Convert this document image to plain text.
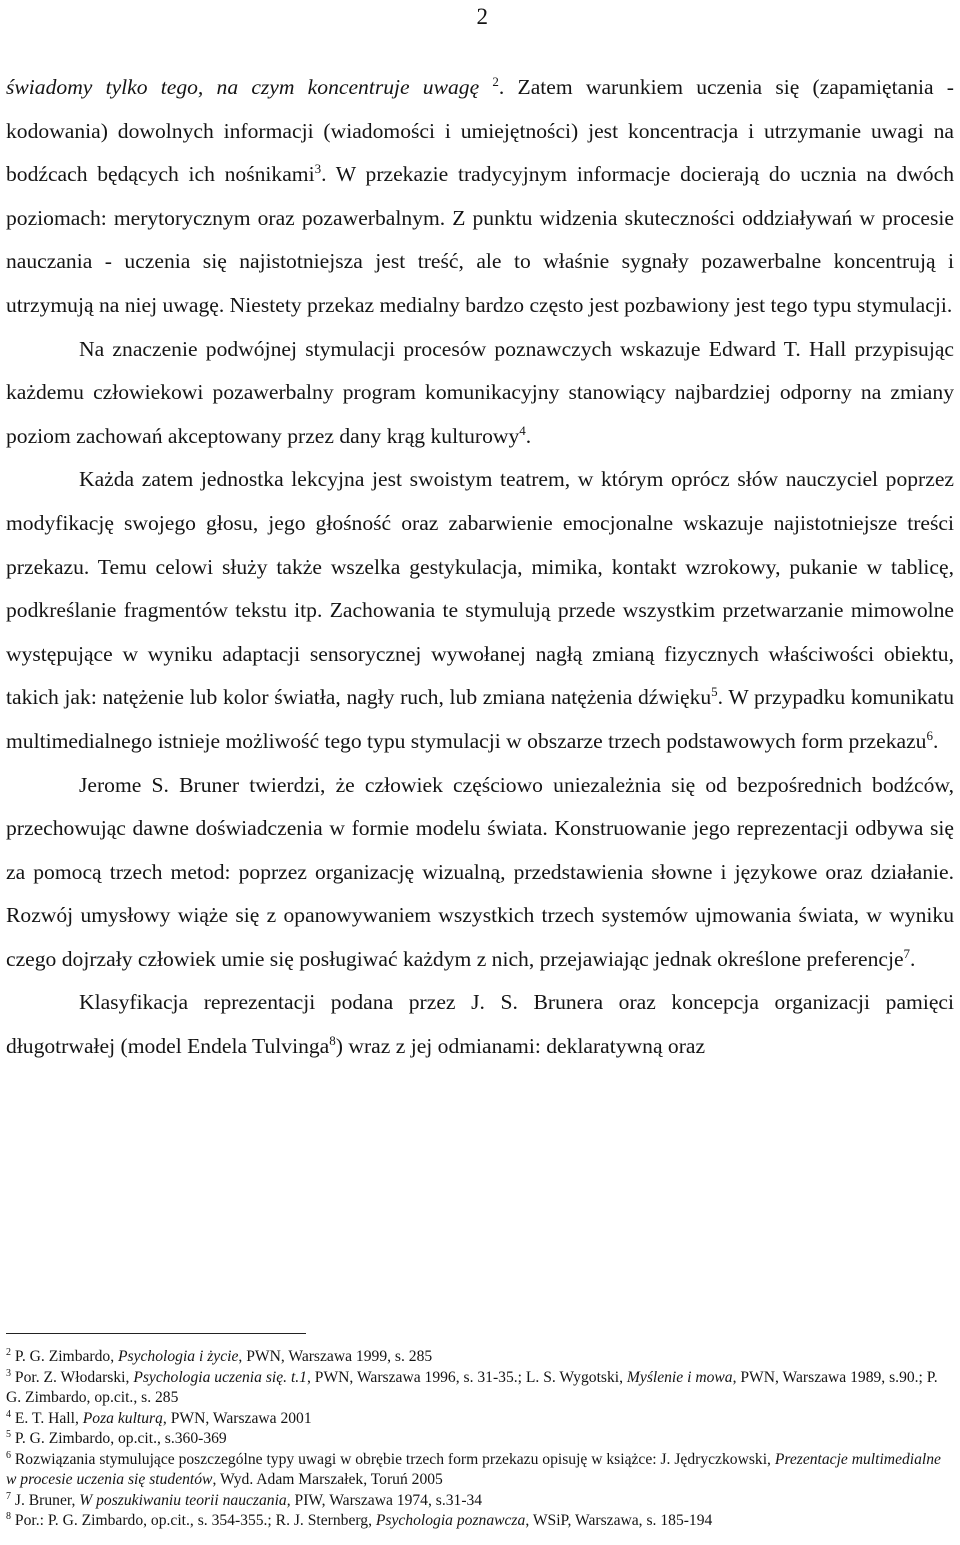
2

świadomy tylko tego, na czym koncentruje uwagę $^2$. Zatem warunkiem uczenia się (zapamiętania - kodowania) dowolnych informacji (wiadomości i umiejętności) jest koncentracja i utrzymanie uwagi na bodźcach będących ich nośnikami$^3$. W przekazie tradycyjnym informacje docierają do ucznia na dwóch poziomach: merytorycznym oraz pozawerbalnym. Z punktu widzenia skuteczności oddziaływań w procesie nauczania - uczenia się najistotniejsza jest treść, ale to właśnie sygnały pozawerbalne koncentrują i utrzymują na niej uwagę. Niestety przekaz medialny bardzo często jest pozbawiony jest tego typu stymulacji.

Na znaczenie podwójnej stymulacji procesów poznawczych wskazuje Edward T. Hall przypisując każdemu człowiekowi pozawerbalny program komunikacyjny stanowiący najbardziej odporny na zmiany poziom zachowań akceptowany przez dany krąg kulturowy$^4$.

Każda zatem jednostka lekcyjna jest swoistym teatrem, w którym oprócz słów nauczyciel poprzez modyfikację swojego głosu, jego głośność oraz zabarwienie emocjonalne wskazuje najistotniejsze treści przekazu. Temu celowi służy także wszelka gestykulacja, mimika, kontakt wzrokowy, pukanie w tablicę, podkreślanie fragmentów tekstu itp. Zachowania te stymulują przede wszystkim przetwarzanie mimowolne występujące w wyniku adaptacji sensorycznej wywołanej nagłą zmianą fizycznych właściwości obiektu, takich jak: natężenie lub kolor światła, nagły ruch, lub zmiana natężenia dźwięku$^5$. W przypadku komunikatu multimedialnego istnieje możliwość tego typu stymulacji w obszarze trzech podstawowych form przekazu$^6$.

Jerome S. Bruner twierdzi, że człowiek częściowo uniezależnia się od bezpośrednich bodźców, przechowując dawne doświadczenia w formie modelu świata. Konstruowanie jego reprezentacji odbywa się za pomocą trzech metod: poprzez organizację wizualną, przedstawienia słowne i językowe oraz działanie. Rozwój umysłowy wiąże się z opanowywaniem wszystkich trzech systemów ujmowania świata, w wyniku czego dojrzały człowiek umie się posługiwać każdym z nich, przejawiając jednak określone preferencje$^7$.

Klasyfikacja reprezentacji podana przez J. S. Brunera oraz koncepcja organizacji pamięci długotrwałej (model Endela Tulvinga$^8$) wraz z jej odmianami: deklaratywną oraz

$^2$ P. G. Zimbardo, Psychologia i życie, PWN, Warszawa 1999, s. 285

$^3$ Por. Z. Włodarski, Psychologia uczenia się. t.1, PWN, Warszawa 1996, s. 31-35.; L. S. Wygotski, Myślenie i mowa, PWN, Warszawa 1989, s.90.; P. G. Zimbardo, op.cit., s. 285

$^4$ E. T. Hall, Poza kulturą, PWN, Warszawa 2001

$^5$ P. G. Zimbardo, op.cit., s.360-369

$^6$ Rozwiązania stymulujące poszczególne typy uwagi w obrębie trzech form przekazu opisuję w książce: J. Jędryczkowski, Prezentacje multimedialne w procesie uczenia się studentów, Wyd. Adam Marszałek, Toruń 2005

$^7$ J. Bruner, W poszukiwaniu teorii nauczania, PIW, Warszawa 1974, s.31-34

$^8$ Por.: P. G. Zimbardo, op.cit., s. 354-355.; R. J. Sternberg, Psychologia poznawcza, WSiP, Warszawa, s. 185-194
